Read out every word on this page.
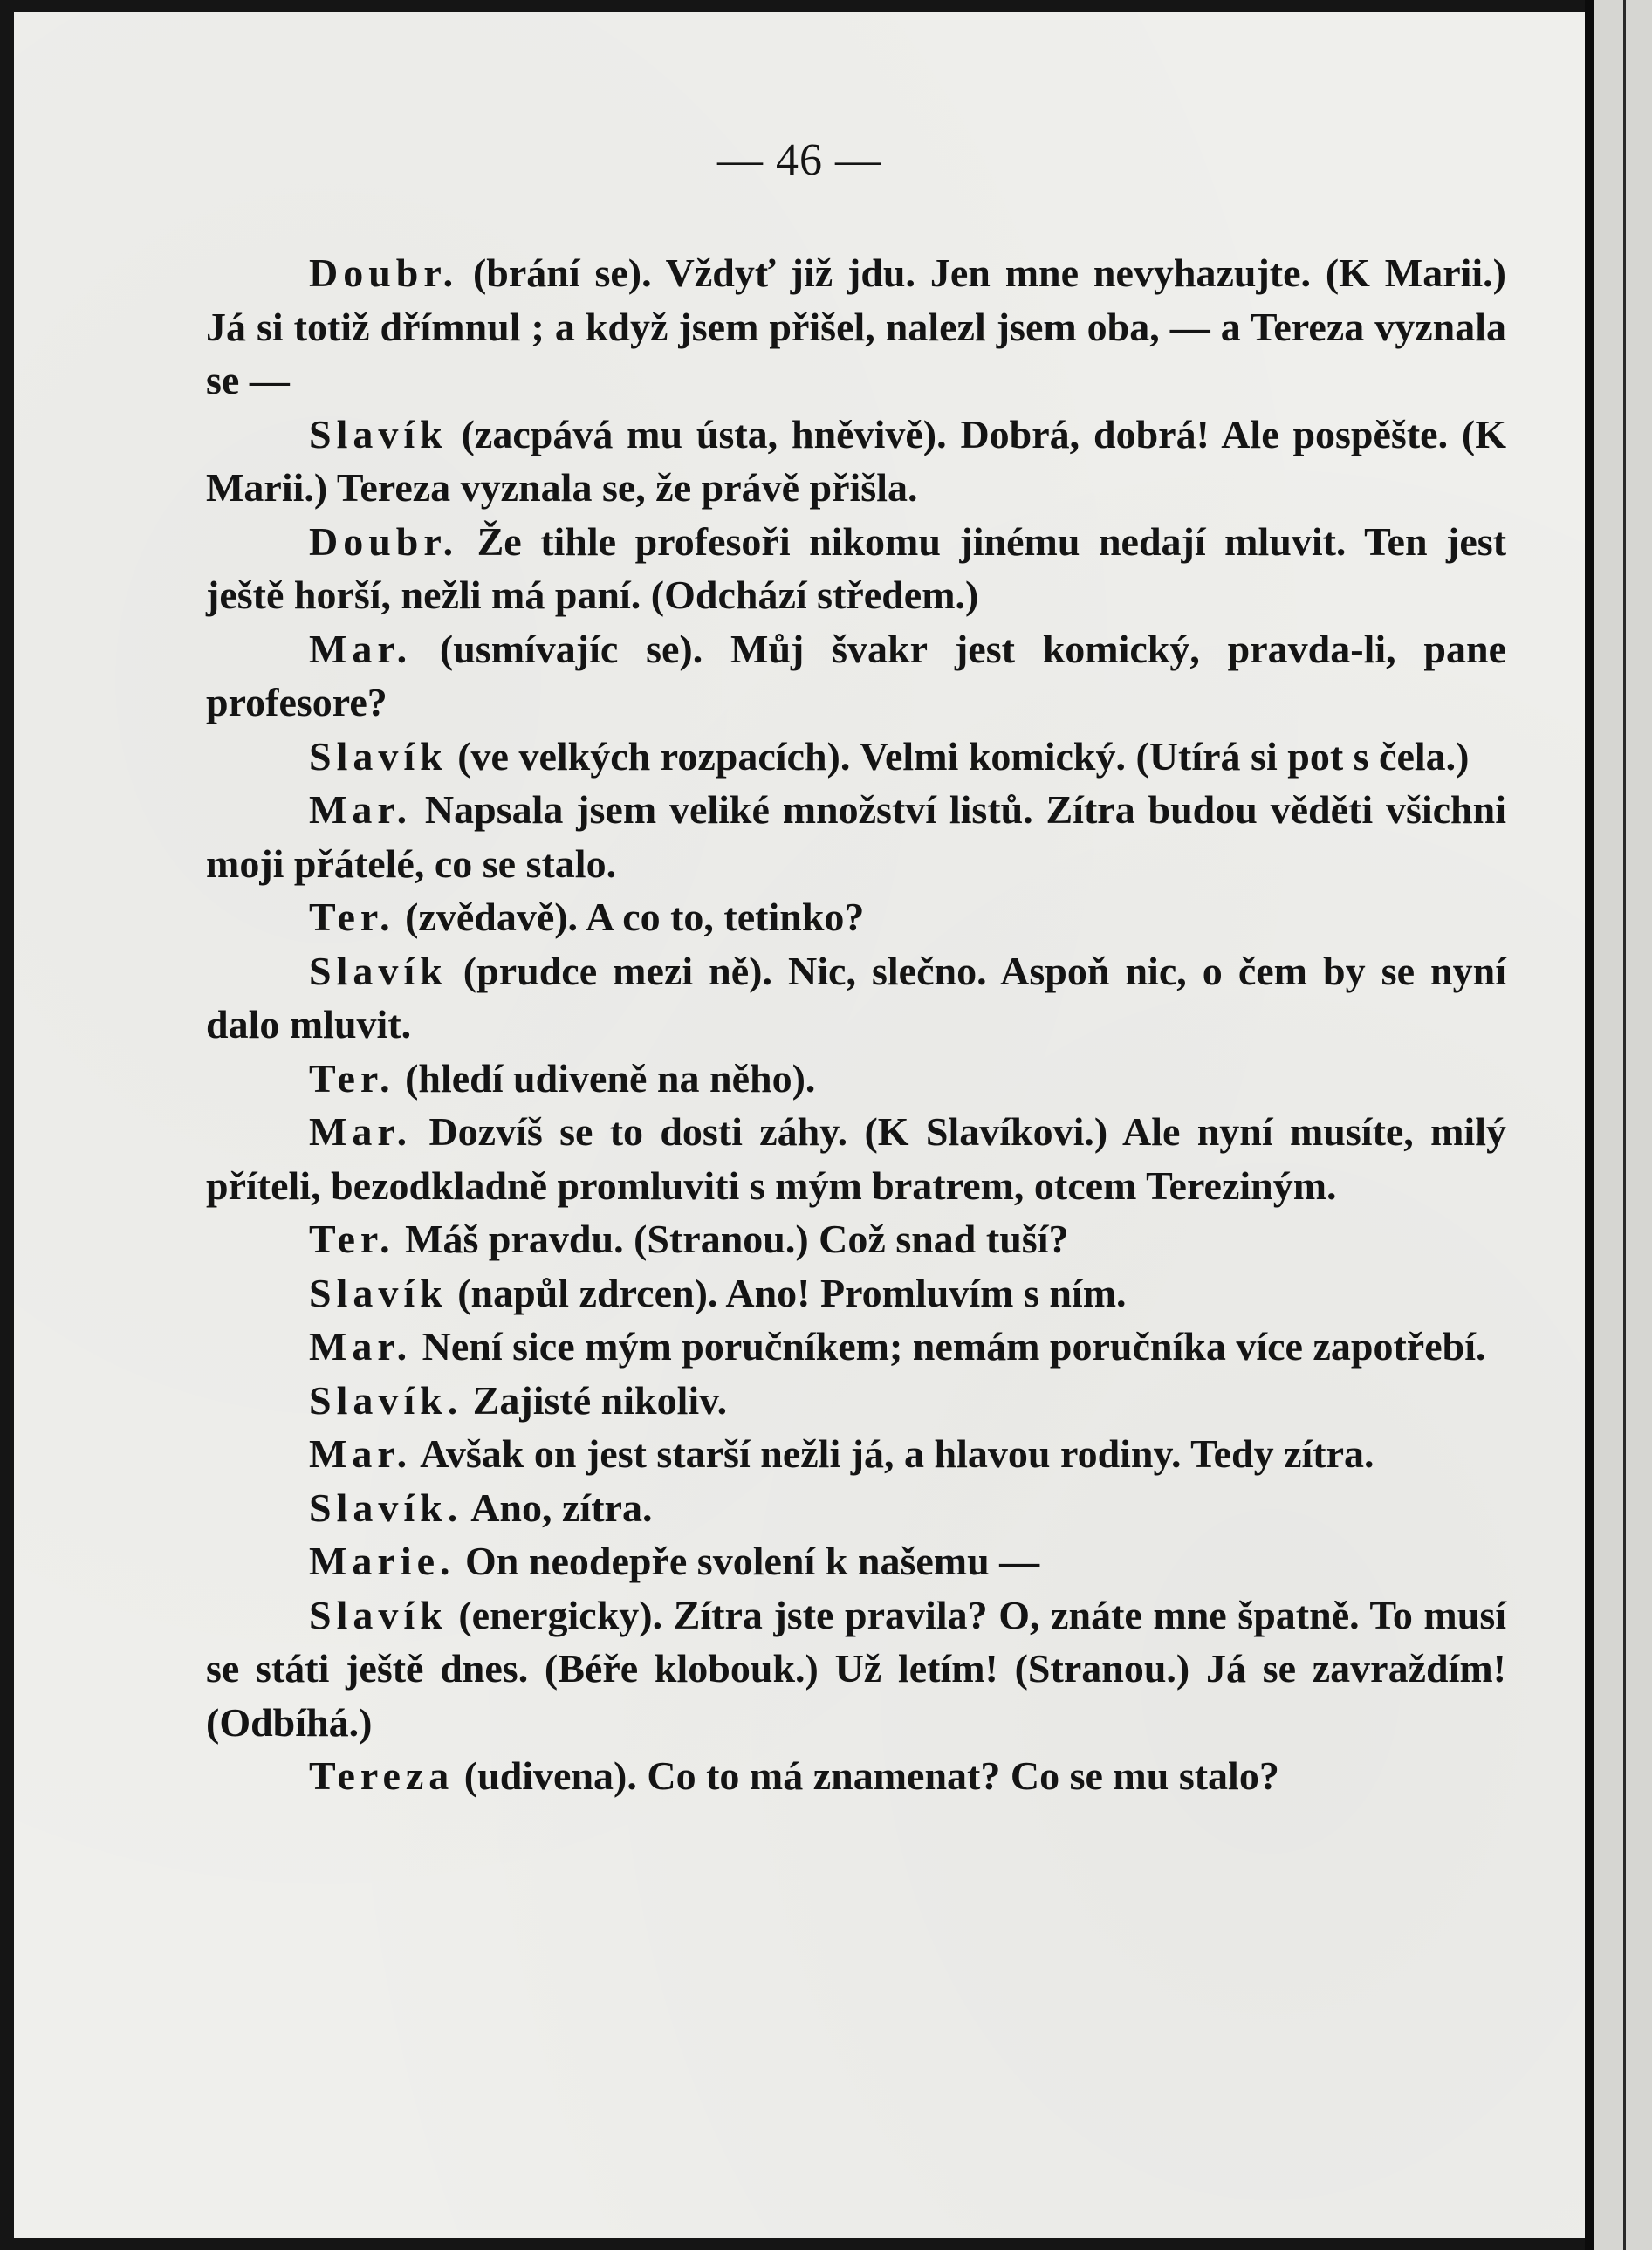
— 46 —

Doubr. (brání se). Vždyť již jdu. Jen mne nevyhazujte. (K Marii.) Já si totiž dřímnul ; a když jsem přišel, nalezl jsem oba, — a Tereza vyznala se —

Slavík (zacpává mu ústa, hněvivě). Dobrá, dobrá! Ale pospěšte. (K Marii.) Tereza vyznala se, že právě přišla.

Doubr. Že tihle profesoři nikomu jinému nedají mluvit. Ten jest ještě horší, nežli má paní. (Odchází středem.)

Mar. (usmívajíc se). Můj švakr jest komický, pravda-li, pane profesore?

Slavík (ve velkých rozpacích). Velmi komický. (Utírá si pot s čela.)

Mar. Napsala jsem veliké množství listů. Zítra budou věděti všichni moji přátelé, co se stalo.

Ter. (zvědavě). A co to, tetinko?

Slavík (prudce mezi ně). Nic, slečno. Aspoň nic, o čem by se nyní dalo mluvit.

Ter. (hledí udiveně na něho).

Mar. Dozvíš se to dosti záhy. (K Slavíkovi.) Ale nyní musíte, milý příteli, bezodkladně promluviti s mým bratrem, otcem Tereziným.

Ter. Máš pravdu. (Stranou.) Což snad tuší?

Slavík (napůl zdrcen). Ano! Promluvím s ním.

Mar. Není sice mým poručníkem; nemám poručníka více zapotřebí.

Slavík. Zajisté nikoliv.

Mar. Avšak on jest starší nežli já, a hlavou rodiny. Tedy zítra.

Slavík. Ano, zítra.

Marie. On neodepře svolení k našemu —

Slavík (energicky). Zítra jste pravila? O, znáte mne špatně. To musí se státi ještě dnes. (Béře klobouk.) Už letím! (Stranou.) Já se zavraždím! (Odbíhá.)

Tereza (udivena). Co to má znamenat? Co se mu stalo?
